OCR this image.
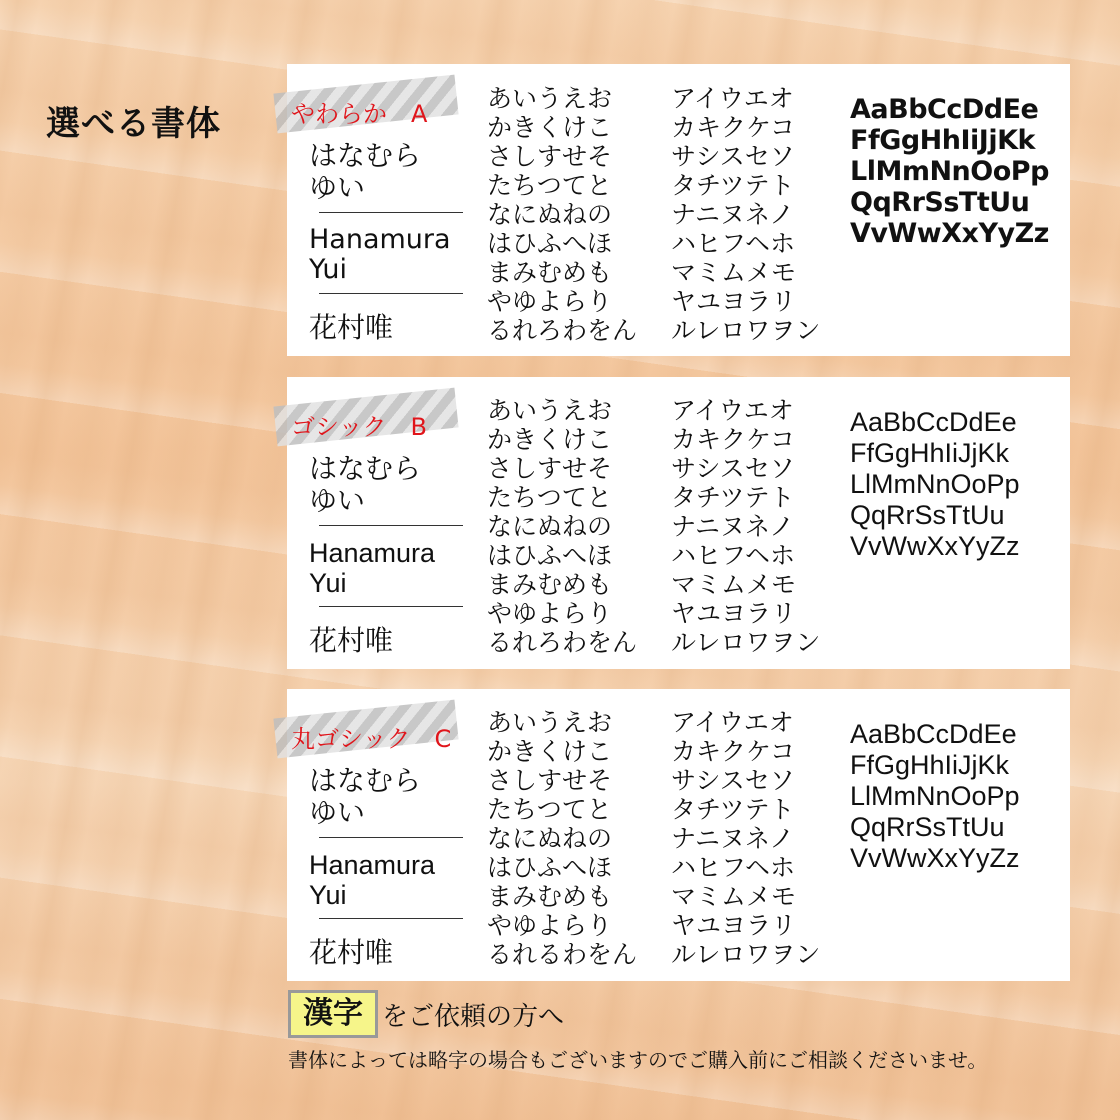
選べる書体	やわらか　A
はなむら
ゆい
Hanamura
Yui
花村唯
あいうえお
かきくけこ
さしすせそ
たちつてと
なにぬねの
はひふへほ
まみむめも
やゆよらり
るれろわをん
アイウエオ
カキクケコ
サシスセソ
タチツテト
ナニヌネノ
ハヒフヘホ
マミムメモ
ヤユヨラリ
ルレロワヲン
AaBbCcDdEe
FfGgHhIiJjKk
LlMmNnOoPp
QqRrSsTtUu
VvWwXxYyZz
ゴシック　B
はなむら
ゆい
Hanamura
Yui
花村唯
あいうえお
かきくけこ
さしすせそ
たちつてと
なにぬねの
はひふへほ
まみむめも
やゆよらり
るれろわをん
アイウエオ
カキクケコ
サシスセソ
タチツテト
ナニヌネノ
ハヒフヘホ
マミムメモ
ヤユヨラリ
ルレロワヲン
AaBbCcDdEe
FfGgHhIiJjKk
LlMmNnOoPp
QqRrSsTtUu
VvWwXxYyZz
丸ゴシック　C
はなむら
ゆい
Hanamura
Yui
花村唯
あいうえお
かきくけこ
さしすせそ
たちつてと
なにぬねの
はひふへほ
まみむめも
やゆよらり
るれるわをん
アイウエオ
カキクケコ
サシスセソ
タチツテト
ナニヌネノ
ハヒフヘホ
マミムメモ
ヤユヨラリ
ルレロワヲン
AaBbCcDdEe
FfGgHhIiJjKk
LlMmNnOoPp
QqRrSsTtUu
VvWwXxYyZz
漢字 をご依頼の方へ
書体によっては略字の場合もございますのでご購入前にご相談くださいませ。
